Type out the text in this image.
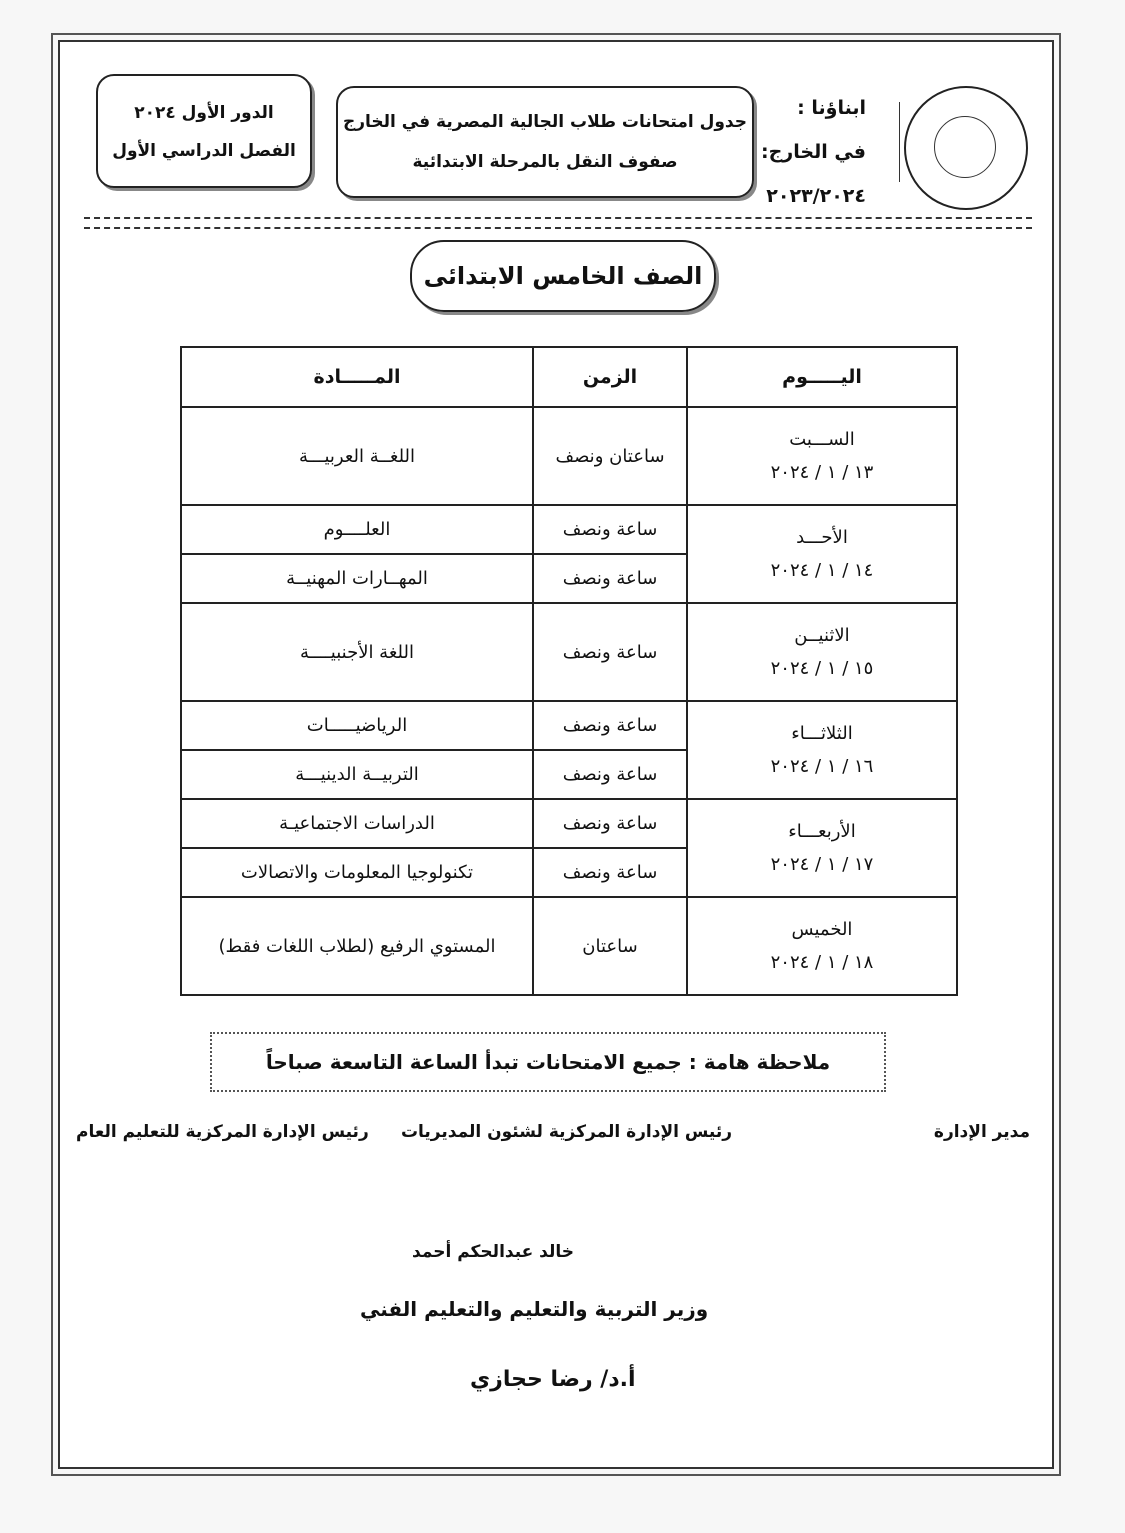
ابناؤنا :
في الخارج:
٢٠٢٣/٢٠٢٤
جدول امتحانات طلاب الجالية المصرية في الخارج
صفوف النقل بالمرحلة الابتدائية
الدور الأول ٢٠٢٤
الفصل الدراسي الأول
الصف الخامس الابتدائى
اليـــــوم	الزمن	المـــــادة

الســـبت
١٣ / ١ / ٢٠٢٤	ساعتان ونصف	اللغــة العربيـــة

الأحـــد
١٤ / ١ / ٢٠٢٤	ساعة ونصف	العلــــوم
	ساعة ونصف	المهــارات المهنيــة

الاثنيــن
١٥ / ١ / ٢٠٢٤	ساعة ونصف	اللغة الأجنبيــــة

الثلاثـــاء
١٦ / ١ / ٢٠٢٤	ساعة ونصف	الرياضيـــــات
	ساعة ونصف	التربيــة الدينيـــة

الأربعـــاء
١٧ / ١ / ٢٠٢٤	ساعة ونصف	الدراسات الاجتماعيـة
	ساعة ونصف	تكنولوجيا المعلومات والاتصالات

الخميس
١٨ / ١ / ٢٠٢٤	ساعتان	المستوي الرفيع (لطلاب اللغات فقط)
ملاحظة هامة : جميع الامتحانات تبدأ الساعة التاسعة صباحاً
مدير الإدارة
رئيس الإدارة المركزية لشئون المديريات
رئيس الإدارة المركزية للتعليم العام
خالد عبدالحكم أحمد
وزير التربية والتعليم والتعليم الفني
أ.د/ رضا حجازي
